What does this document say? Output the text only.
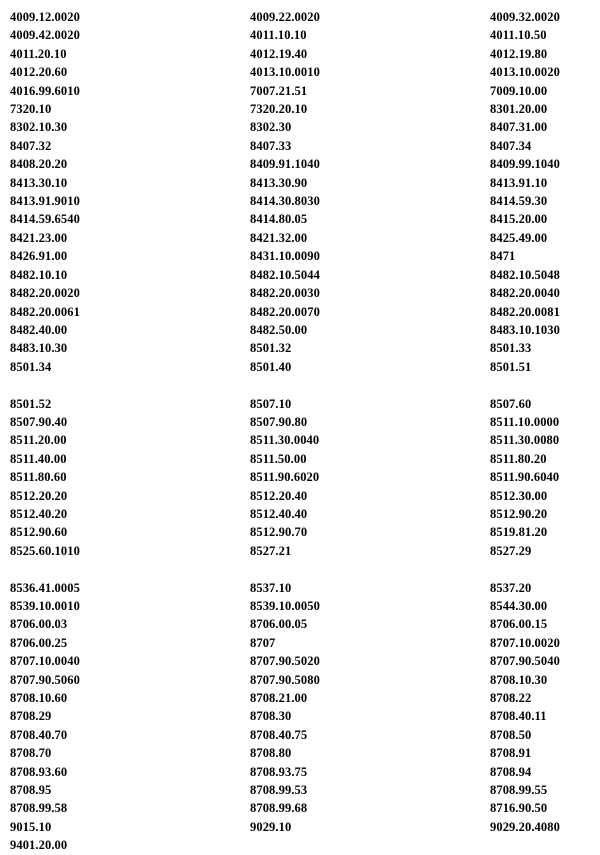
4009.12.0020
4009.42.0020
4011.20.10
4012.20.60
4016.99.6010
7320.10
8302.10.30
8407.32
8408.20.20
8413.30.10
8413.91.9010
8414.59.6540
8421.23.00
8426.91.00
8482.10.10
8482.20.0020
8482.20.0061
8482.40.00
8483.10.30
8501.34
8501.52
8507.90.40
8511.20.00
8511.40.00
8511.80.60
8512.20.20
8512.40.20
8512.90.60
8525.60.1010
8536.41.0005
8539.10.0010
8706.00.03
8706.00.25
8707.10.0040
8707.90.5060
8708.10.60
8708.29
8708.40.70
8708.70
8708.93.60
8708.95
8708.99.58
9015.10
9401.20.00
4009.22.0020
4011.10.10
4012.19.40
4013.10.0010
7007.21.51
7320.20.10
8302.30
8407.33
8409.91.1040
8413.30.90
8414.30.8030
8414.80.05
8421.32.00
8431.10.0090
8482.10.5044
8482.20.0030
8482.20.0070
8482.50.00
8501.32
8501.40
8507.10
8507.90.80
8511.30.0040
8511.50.00
8511.90.6020
8512.20.40
8512.40.40
8512.90.70
8527.21
8537.10
8539.10.0050
8706.00.05
8707
8707.90.5020
8707.90.5080
8708.21.00
8708.30
8708.40.75
8708.80
8708.93.75
8708.99.53
8708.99.68
9029.10
4009.32.0020
4011.10.50
4012.19.80
4013.10.0020
7009.10.00
8301.20.00
8407.31.00
8407.34
8409.99.1040
8413.91.10
8414.59.30
8415.20.00
8425.49.00
8471
8482.10.5048
8482.20.0040
8482.20.0081
8483.10.1030
8501.33
8501.51
8507.60
8511.10.0000
8511.30.0080
8511.80.20
8511.90.6040
8512.30.00
8512.90.20
8519.81.20
8527.29
8537.20
8544.30.00
8706.00.15
8707.10.0020
8707.90.5040
8708.10.30
8708.22
8708.40.11
8708.50
8708.91
8708.94
8708.99.55
8716.90.50
9029.20.4080
